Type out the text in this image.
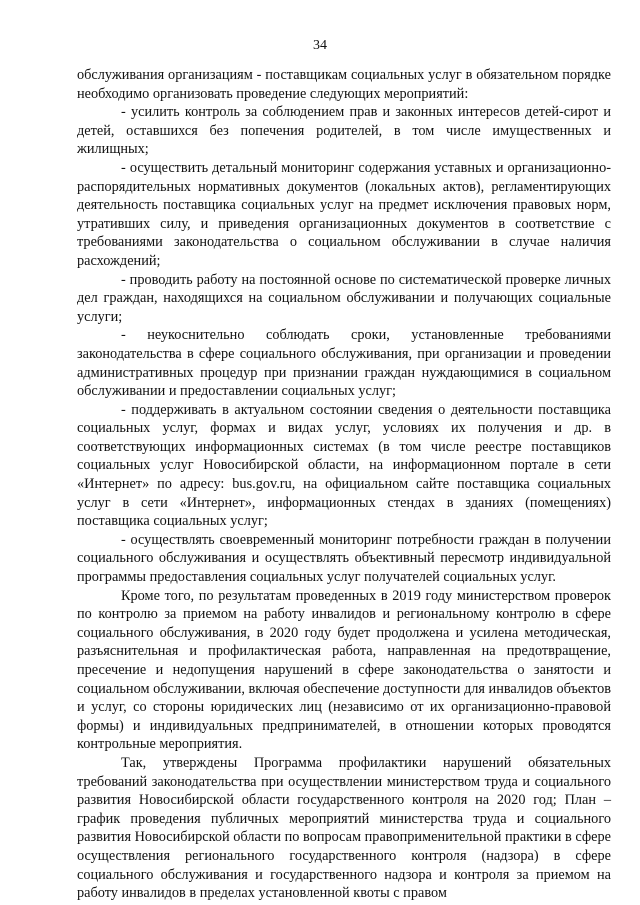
34

обслуживания организациям - поставщикам социальных услуг в обязательном порядке необходимо организовать проведение следующих мероприятий:

- усилить контроль за соблюдением прав и законных интересов детей-сирот и детей, оставшихся без попечения родителей, в том числе имущественных и жилищных;

- осуществить детальный мониторинг содержания уставных и организационно-распорядительных нормативных документов (локальных актов), регламентирующих деятельность поставщика социальных услуг на предмет исключения правовых норм, утративших силу, и приведения организационных документов в соответствие с требованиями законодательства о социальном обслуживании в случае наличия расхождений;

- проводить работу на постоянной основе по систематической проверке личных дел граждан, находящихся на социальном обслуживании и получающих социальные услуги;

- неукоснительно соблюдать сроки, установленные требованиями законодательства в сфере социального обслуживания, при организации и проведении административных процедур при признании граждан нуждающимися в социальном обслуживании и предоставлении социальных услуг;

- поддерживать в актуальном состоянии сведения о деятельности поставщика социальных услуг, формах и видах услуг, условиях их получения и др. в соответствующих информационных системах (в том числе реестре поставщиков социальных услуг Новосибирской области, на информационном портале в сети «Интернет» по адресу: bus.gov.ru, на официальном сайте поставщика социальных услуг в сети «Интернет», информационных стендах в зданиях (помещениях) поставщика социальных услуг;

- осуществлять своевременный мониторинг потребности граждан в получении социального обслуживания и осуществлять объективный пересмотр индивидуальной программы предоставления социальных услуг получателей социальных услуг.

Кроме того, по результатам проведенных в 2019 году министерством проверок по контролю за приемом на работу инвалидов и региональному контролю в сфере социального обслуживания, в 2020 году будет продолжена и усилена методическая, разъяснительная и профилактическая работа, направленная на предотвращение, пресечение и недопущения нарушений в сфере законодательства о занятости и социальном обслуживании, включая обеспечение доступности для инвалидов объектов и услуг, со стороны юридических лиц (независимо от их организационно-правовой формы) и индивидуальных предпринимателей, в отношении которых проводятся контрольные мероприятия.

Так, утверждены Программа профилактики нарушений обязательных требований законодательства при осуществлении министерством труда и социального развития Новосибирской области государственного контроля на 2020 год; План – график проведения публичных мероприятий министерства труда и социального развития Новосибирской области по вопросам правоприменительной практики в сфере осуществления регионального государственного контроля (надзора) в сфере социального обслуживания и государственного надзора и контроля за приемом на работу инвалидов в пределах установленной квоты с правом
